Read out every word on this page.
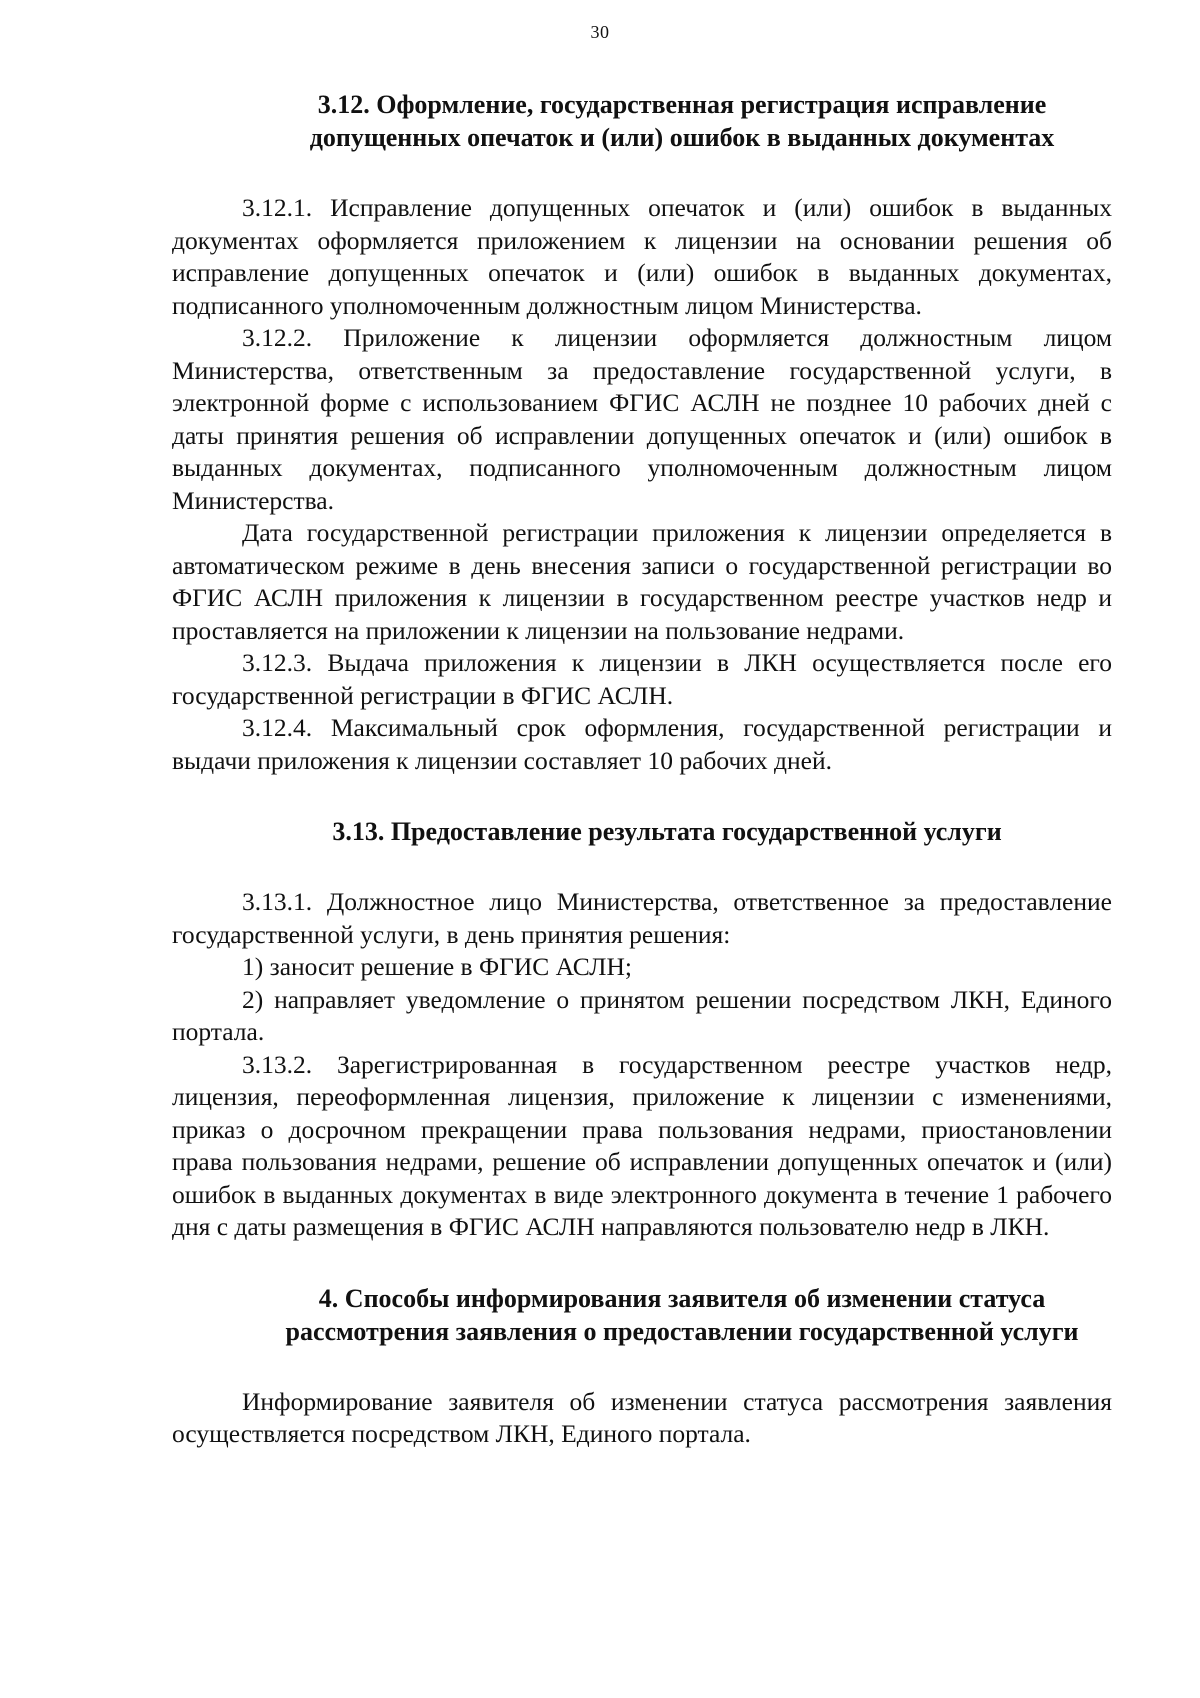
30

3.12. Оформление, государственная регистрация исправление
допущенных опечаток и (или) ошибок в выданных документах

3.12.1. Исправление допущенных опечаток и (или) ошибок в выданных документах оформляется приложением к лицензии на основании решения об исправление допущенных опечаток и (или) ошибок в выданных документах, подписанного уполномоченным должностным лицом Министерства.

3.12.2. Приложение к лицензии оформляется должностным лицом Министерства, ответственным за предоставление государственной услуги, в электронной форме с использованием ФГИС АСЛН не позднее 10 рабочих дней с даты принятия решения об исправлении допущенных опечаток и (или) ошибок в выданных документах, подписанного уполномоченным должностным лицом Министерства.

Дата государственной регистрации приложения к лицензии определяется в автоматическом режиме в день внесения записи о государственной регистрации во ФГИС АСЛН приложения к лицензии в государственном реестре участков недр и проставляется на приложении к лицензии на пользование недрами.

3.12.3. Выдача приложения к лицензии в ЛКН осуществляется после его государственной регистрации в ФГИС АСЛН.

3.12.4. Максимальный срок оформления, государственной регистрации и выдачи приложения к лицензии составляет 10 рабочих дней.

3.13. Предоставление результата государственной услуги

3.13.1. Должностное лицо Министерства, ответственное за предоставление государственной услуги, в день принятия решения:

1) заносит решение в ФГИС АСЛН;

2) направляет уведомление о принятом решении посредством ЛКН, Единого портала.

3.13.2. Зарегистрированная в государственном реестре участков недр, лицензия, переоформленная лицензия, приложение к лицензии с изменениями, приказ о досрочном прекращении права пользования недрами, приостановлении права пользования недрами, решение об исправлении допущенных опечаток и (или) ошибок в выданных документах в виде электронного документа в течение 1 рабочего дня с даты размещения в ФГИС АСЛН направляются пользователю недр в ЛКН.

4. Способы информирования заявителя об изменении статуса
рассмотрения заявления о предоставлении государственной услуги

Информирование заявителя об изменении статуса рассмотрения заявления осуществляется посредством ЛКН, Единого портала.
